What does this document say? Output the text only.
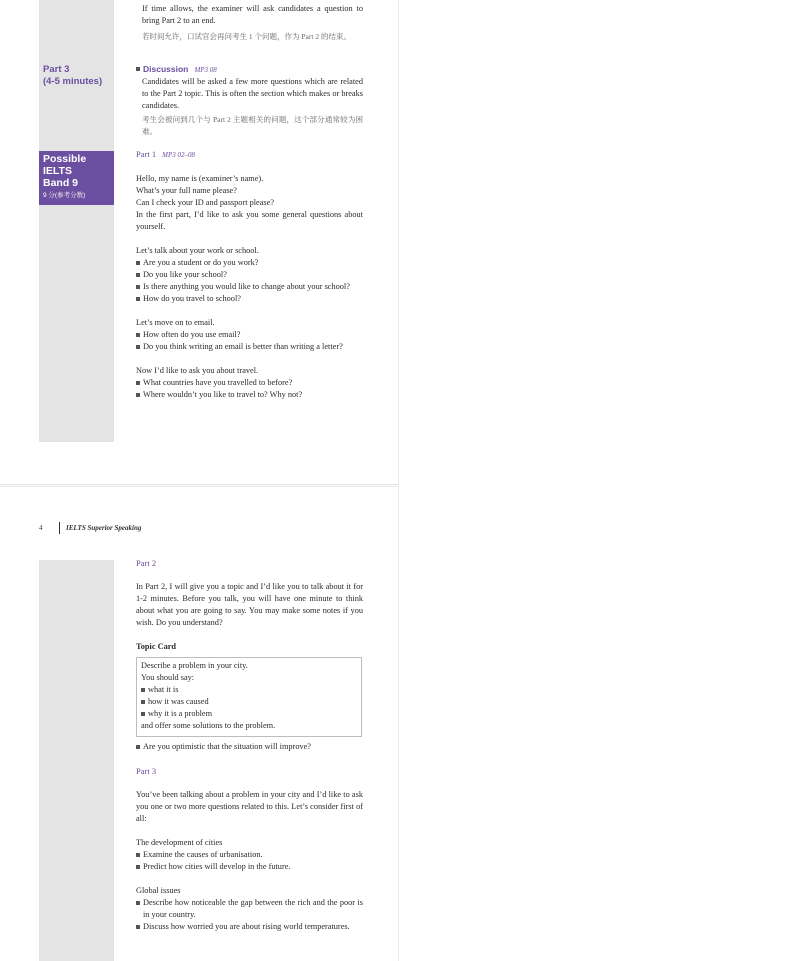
Part 3
(4-5 minutes)
Possible
IELTS
Band 9
9 分(参考分数)

If time allows, the examiner will ask candidates a question to bring Part 2 to an end.

若时间允许，口试官会再问考生 1 个问题，作为 Part 2 的结束。

Discussion MP3 08

Candidates will be asked a few more questions which are related to the Part 2 topic. This is often the section which makes or breaks candidates.

考生会被问到几个与 Part 2 主题相关的问题，这个部分通常较为困难。

Part 1 MP3 02–08

Hello, my name is (examiner’s name).

What’s your full name please?

Can I check your ID and passport please?

In the first part, I’d like to ask you some general questions about yourself.

Let’s talk about your work or school.

Are you a student or do you work?
Do you like your school?
Is there anything you would like to change about your school?
How do you travel to school?

Let’s move on to email.

How often do you use email?
Do you think writing an email is better than writing a letter?

Now I’d like to ask you about travel.

What countries have you travelled to before?
Where wouldn’t you like to travel to? Why not?
4	IELTS Superior Speaking

Part 2

In Part 2, I will give you a topic and I’d like you to talk about it for 1-2 minutes. Before you talk, you will have one minute to think about what you are going to say. You may make some notes if you wish. Do you understand?

Topic Card

Describe a problem in your city.

You should say:

what it is
how it was caused
why it is a problem

and offer some solutions to the problem.

Are you optimistic that the situation will improve?

Part 3

You’ve been talking about a problem in your city and I’d like to ask you one or two more questions related to this. Let’s consider first of all:

The development of cities

Examine the causes of urbanisation.
Predict how cities will develop in the future.

Global issues

Describe how noticeable the gap between the rich and the poor is in your country.
Discuss how worried you are about rising world temperatures.
